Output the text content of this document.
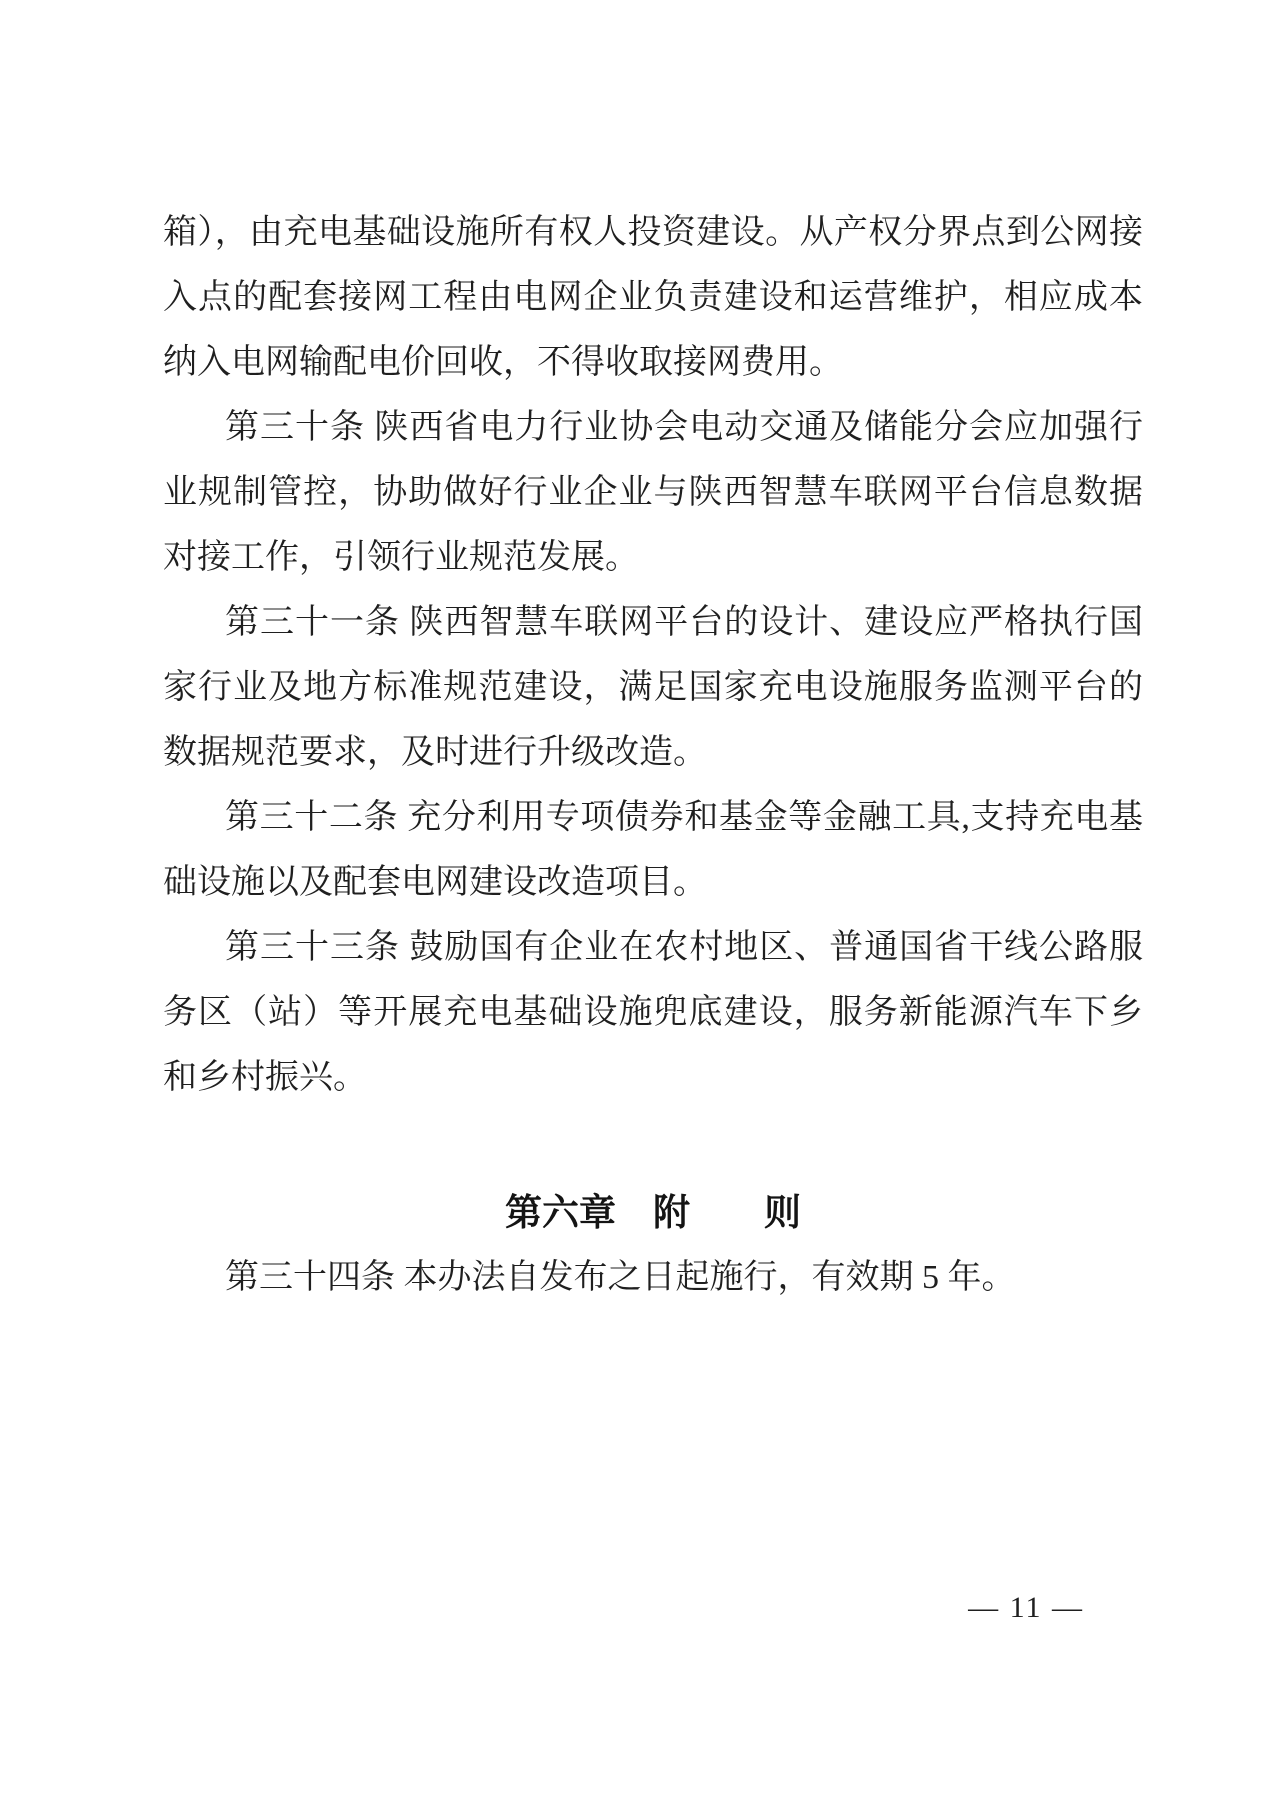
箱），由充电基础设施所有权人投资建设。从产权分界点到公网接入点的配套接网工程由电网企业负责建设和运营维护，相应成本纳入电网输配电价回收，不得收取接网费用。

第三十条 陕西省电力行业协会电动交通及储能分会应加强行业规制管控，协助做好行业企业与陕西智慧车联网平台信息数据对接工作，引领行业规范发展。

第三十一条 陕西智慧车联网平台的设计、建设应严格执行国家行业及地方标准规范建设，满足国家充电设施服务监测平台的数据规范要求，及时进行升级改造。

第三十二条 充分利用专项债券和基金等金融工具,支持充电基础设施以及配套电网建设改造项目。

第三十三条 鼓励国有企业在农村地区、普通国省干线公路服务区（站）等开展充电基础设施兜底建设，服务新能源汽车下乡和乡村振兴。

第六章　附　　则

第三十四条 本办法自发布之日起施行，有效期 5 年。

— 11 —
